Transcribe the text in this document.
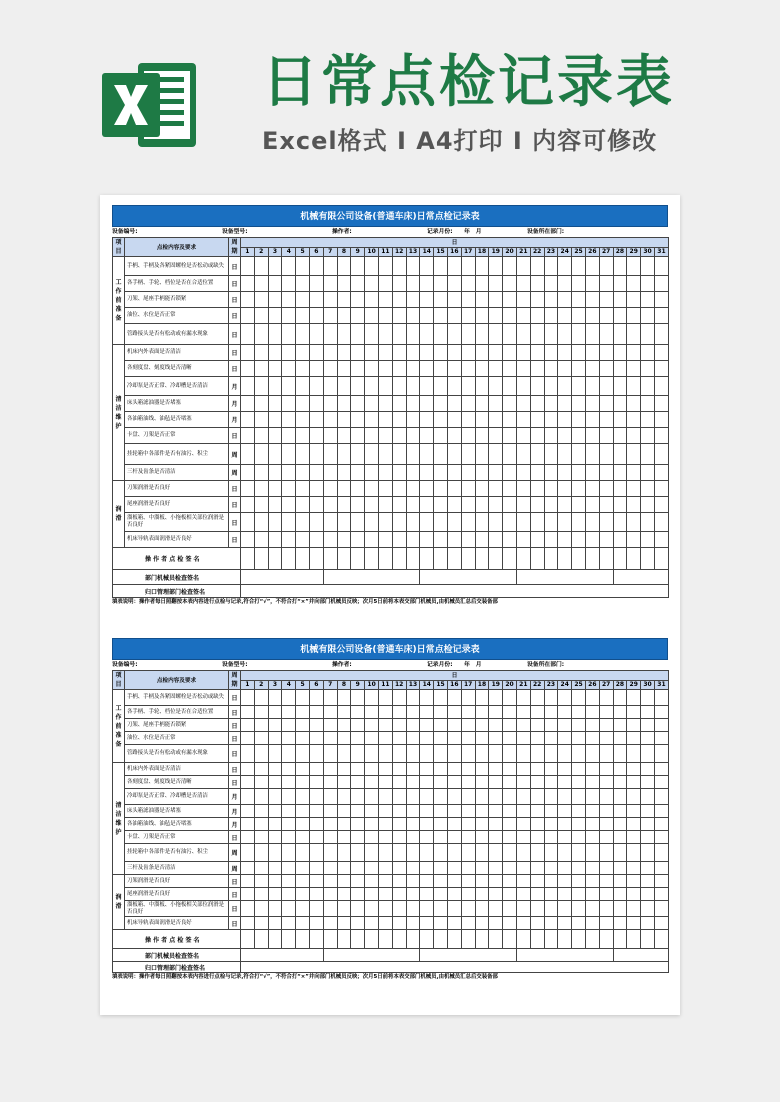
日常点检记录表
Excel格式 I A4打印 I 内容可修改
机械有限公司设备(普通车床)日常点检记录表
设备编号:	设备型号:	操作者:	记录月份:　　年　月	设备所在部门:
项目	点检内容及要求	周期	日																														
			1	2	3	4	5	6	7	8	9	10	11	12	13	14	15	16	17	18	19	20	21	22	23	24	25	26	27	28	29	30	31
工作前准备	手柄、手柄及各紧固螺栓是否松动或缺失	日																															
	各手柄、手轮、档位是否在合适位置	日																															
	刀架、尾座手柄能否锁紧	日																															
	油位、水位是否正常	日																															
	管路接头是否有松动或有漏水现象	日																															
清洁维护	机床内外表面是否清洁	日																															
	各刻度盘、刻度线是否清晰	日																															
	冷却泵是否正常、冷却槽是否清洁	月																															
	床头箱滤油器是否堵塞	月																															
	各油箱油线、油毡是否堵塞	月																															
	卡盘、刀架是否正常	日																															
	挂轮箱中各部件是否有油污、积尘	周																															
	三杆及齿条是否清洁	周																															
润滑	刀架润滑是否良好	日																															
	尾座润滑是否良好	日																															
	溜板箱、中溜板、小拖板相关部位润滑是否良好	日																															
	机床导轨表面润滑是否良好	日																															
操 作 者 点 检 签 名																																	
部门机械员检查签名																																	
归口管理部门检查签名																																	
填表说明：操作者每日照翻按本表内容进行点检与记录,符合打“√”，不符合打“×”并向部门机械员反映；次月5日前将本表交部门机械员,由机械员汇总后交装备部
机械有限公司设备(普通车床)日常点检记录表
设备编号:	设备型号:	操作者:	记录月份:　　年　月	设备所在部门:
项目	点检内容及要求	周期	日																														
			1	2	3	4	5	6	7	8	9	10	11	12	13	14	15	16	17	18	19	20	21	22	23	24	25	26	27	28	29	30	31
工作前准备	手柄、手柄及各紧固螺栓是否松动或缺失	日																															
	各手柄、手轮、档位是否在合适位置	日																															
	刀架、尾座手柄能否锁紧	日																															
	油位、水位是否正常	日																															
	管路接头是否有松动或有漏水现象	日																															
清洁维护	机床内外表面是否清洁	日																															
	各刻度盘、刻度线是否清晰	日																															
	冷却泵是否正常、冷却槽是否清洁	月																															
	床头箱滤油器是否堵塞	月																															
	各油箱油线、油毡是否堵塞	月																															
	卡盘、刀架是否正常	日																															
	挂轮箱中各部件是否有油污、积尘	周																															
	三杆及齿条是否清洁	周																															
润滑	刀架润滑是否良好	日																															
	尾座润滑是否良好	日																															
	溜板箱、中溜板、小拖板相关部位润滑是否良好	日																															
	机床导轨表面润滑是否良好	日																															
操 作 者 点 检 签 名																																	
部门机械员检查签名																																	
归口管理部门检查签名																																	
填表说明：操作者每日照翻按本表内容进行点检与记录,符合打“√”，不符合打“×”并向部门机械员反映；次月5日前将本表交部门机械员,由机械员汇总后交装备部
